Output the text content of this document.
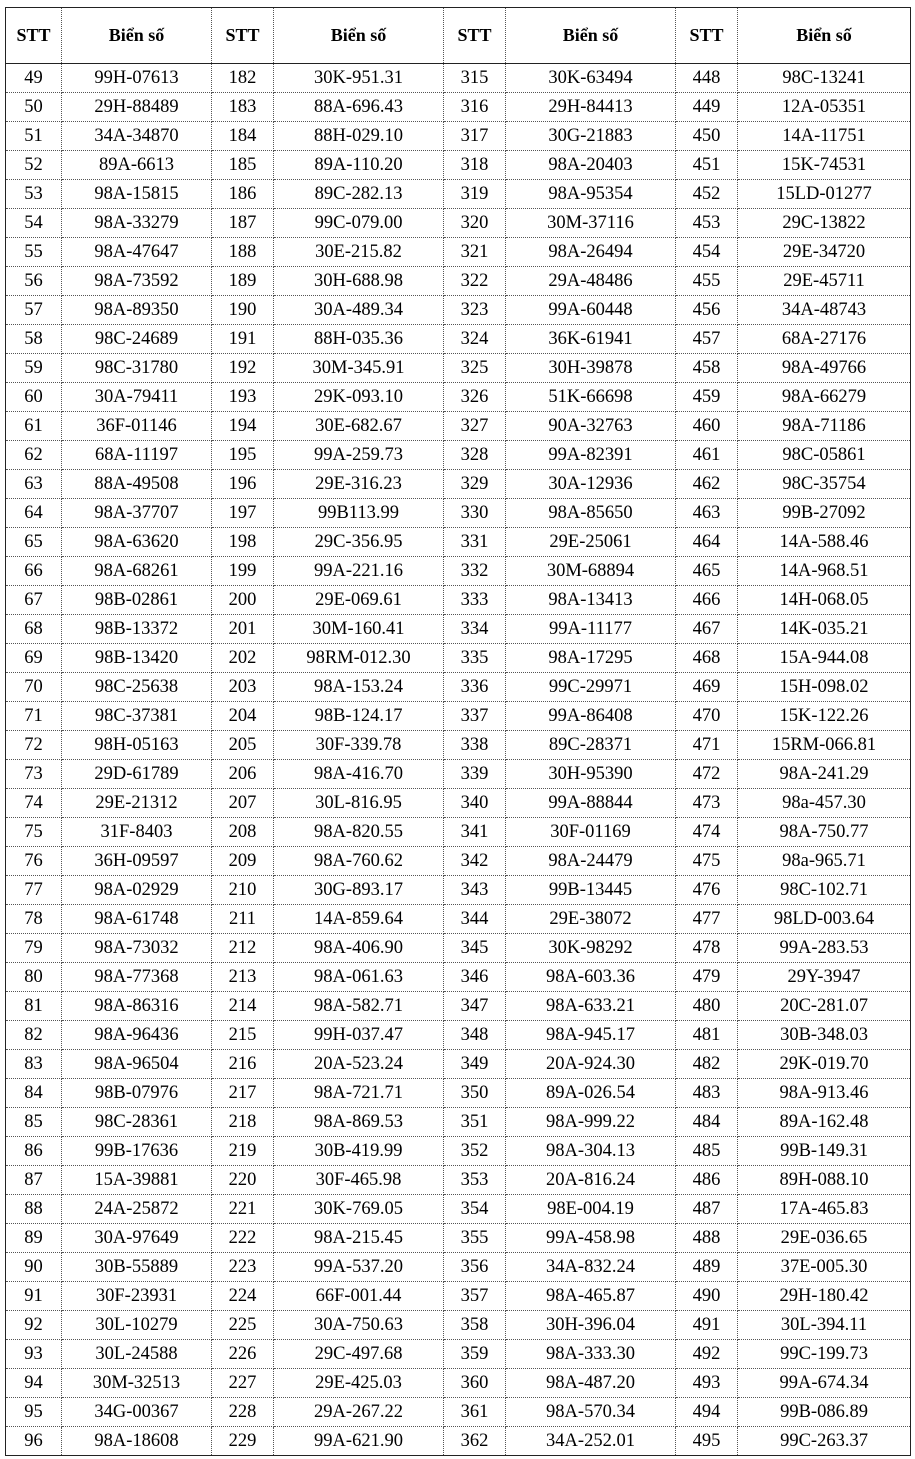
STT	Biển số	STT	Biển số	STT	Biển số	STT	Biển số
49	99H-07613	182	30K-951.31	315	30K-63494	448	98C-13241
50	29H-88489	183	88A-696.43	316	29H-84413	449	12A-05351
51	34A-34870	184	88H-029.10	317	30G-21883	450	14A-11751
52	89A-6613	185	89A-110.20	318	98A-20403	451	15K-74531
53	98A-15815	186	89C-282.13	319	98A-95354	452	15LD-01277
54	98A-33279	187	99C-079.00	320	30M-37116	453	29C-13822
55	98A-47647	188	30E-215.82	321	98A-26494	454	29E-34720
56	98A-73592	189	30H-688.98	322	29A-48486	455	29E-45711
57	98A-89350	190	30A-489.34	323	99A-60448	456	34A-48743
58	98C-24689	191	88H-035.36	324	36K-61941	457	68A-27176
59	98C-31780	192	30M-345.91	325	30H-39878	458	98A-49766
60	30A-79411	193	29K-093.10	326	51K-66698	459	98A-66279
61	36F-01146	194	30E-682.67	327	90A-32763	460	98A-71186
62	68A-11197	195	99A-259.73	328	99A-82391	461	98C-05861
63	88A-49508	196	29E-316.23	329	30A-12936	462	98C-35754
64	98A-37707	197	99B113.99	330	98A-85650	463	99B-27092
65	98A-63620	198	29C-356.95	331	29E-25061	464	14A-588.46
66	98A-68261	199	99A-221.16	332	30M-68894	465	14A-968.51
67	98B-02861	200	29E-069.61	333	98A-13413	466	14H-068.05
68	98B-13372	201	30M-160.41	334	99A-11177	467	14K-035.21
69	98B-13420	202	98RM-012.30	335	98A-17295	468	15A-944.08
70	98C-25638	203	98A-153.24	336	99C-29971	469	15H-098.02
71	98C-37381	204	98B-124.17	337	99A-86408	470	15K-122.26
72	98H-05163	205	30F-339.78	338	89C-28371	471	15RM-066.81
73	29D-61789	206	98A-416.70	339	30H-95390	472	98A-241.29
74	29E-21312	207	30L-816.95	340	99A-88844	473	98a-457.30
75	31F-8403	208	98A-820.55	341	30F-01169	474	98A-750.77
76	36H-09597	209	98A-760.62	342	98A-24479	475	98a-965.71
77	98A-02929	210	30G-893.17	343	99B-13445	476	98C-102.71
78	98A-61748	211	14A-859.64	344	29E-38072	477	98LD-003.64
79	98A-73032	212	98A-406.90	345	30K-98292	478	99A-283.53
80	98A-77368	213	98A-061.63	346	98A-603.36	479	29Y-3947
81	98A-86316	214	98A-582.71	347	98A-633.21	480	20C-281.07
82	98A-96436	215	99H-037.47	348	98A-945.17	481	30B-348.03
83	98A-96504	216	20A-523.24	349	20A-924.30	482	29K-019.70
84	98B-07976	217	98A-721.71	350	89A-026.54	483	98A-913.46
85	98C-28361	218	98A-869.53	351	98A-999.22	484	89A-162.48
86	99B-17636	219	30B-419.99	352	98A-304.13	485	99B-149.31
87	15A-39881	220	30F-465.98	353	20A-816.24	486	89H-088.10
88	24A-25872	221	30K-769.05	354	98E-004.19	487	17A-465.83
89	30A-97649	222	98A-215.45	355	99A-458.98	488	29E-036.65
90	30B-55889	223	99A-537.20	356	34A-832.24	489	37E-005.30
91	30F-23931	224	66F-001.44	357	98A-465.87	490	29H-180.42
92	30L-10279	225	30A-750.63	358	30H-396.04	491	30L-394.11
93	30L-24588	226	29C-497.68	359	98A-333.30	492	99C-199.73
94	30M-32513	227	29E-425.03	360	98A-487.20	493	99A-674.34
95	34G-00367	228	29A-267.22	361	98A-570.34	494	99B-086.89
96	98A-18608	229	99A-621.90	362	34A-252.01	495	99C-263.37
